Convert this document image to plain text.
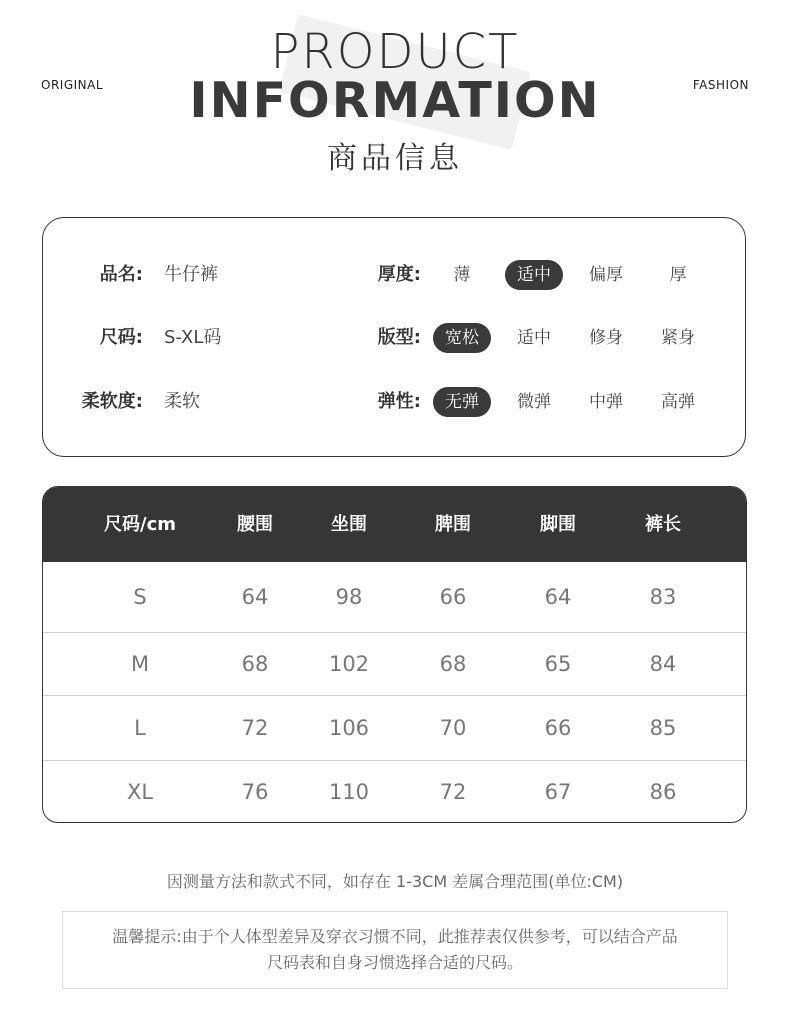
ORIGINAL	FASHION
PRODUCT
INFORMATION
商品信息
品名: 牛仔裤	厚度:	薄	适中	偏厚	厚
尺码: S-XL码	版型:	宽松	适中	修身	紧身
柔软度: 柔软	弹性:	无弹	微弹	中弹	高弹
尺码/cm	腰围	坐围	脾围	脚围	裤长
S	64	98	66	64	83
M	68	102	68	65	84
L	72	106	70	66	85
XL	76	110	72	67	86
因测量方法和款式不同，如存在 1-3CM 差属合理范围(单位:CM)
温馨提示:由于个人体型差异及穿衣习惯不同，此推荐表仅供参考，可以结合产品
尺码表和自身习惯选择合适的尺码。
